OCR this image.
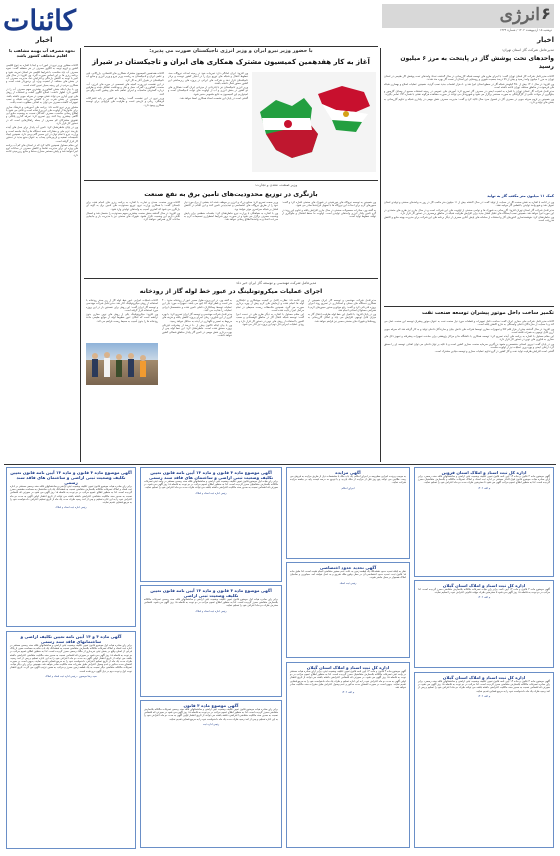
کائنات
اخبار
انرژی ۶
دوشنبه ۱۵ اردیبهشت ۱۴۰۲ / شماره ۱۴۳۴
اخبار
نحوه مصرف آب بهینه مشاهب با اقلیم مختلف کشور باشد

کائنات-مشاور وزیر نیرو در امور آب و آبفا با اشاره به تنوع اقلیمی کشور و لزوم توجه به الگوی مصرف در هر منطقه گفت: نحوه مصرف آب باید متناسب با شرایط اقلیمی هر استان تعریف شود و برنامه ریزی ها بر این اساس صورت گیرد. وی افزود: در سال های اخیر با توجه به کاهش بارندگی و افزایش دما، مدیریت مصرف آب در بخش های مختلف از اهمیت ویژه ای برخوردار شده است و همکاری مردم در این زمینه بسیار تعیین کننده است.

وی با بیان اینکه بخش کشاورزی بیشترین سهم مصرف آب را در کشور دارد اظهار داشت: اصلاح الگوی کشت و استفاده از روش های نوین آبیاری می تواند نقش مهمی در صرفه جویی داشته باشد. همچنین در بخش شرب نیز با کاهش هدررفت شبکه و نصب تجهیزات کاهنده مصرف می توان به اهداف مطلوب دست یافت.

مشاور وزیر نیرو ادامه داد: برنامه های آموزشی و فرهنگ سازی برای خانوارها از اولویت های این وزارتخانه است و تلاش می شود با اطلاع رسانی مناسب، مصرف کنندگان نسبت به وضعیت منابع آبی آگاهی بیشتری پیدا کنند. وی تصریح کرد: تعرفه گذاری پلکانی و تشویق مشترکان کم مصرف از جمله راهکارهایی است که در دستور کار قرار دارد.

وی در پایان خاطرنشان کرد: تامین آب پایدار برای نسل های آینده نیازمند عزم ملی و مشارکت همه دستگاه ها و آحاد جامعه است و وزارت نیرو با تمام توان در این مسیر گام برمی دارد. همچنین ایجاد تاسیسات تصفیه و بازچرخانی پساب به عنوان منبع جدید در دستور کار قرار گرفته است.

این مقام مسئول همچنین تاکید کرد که در استان های کم آب برنامه های ویژه ای برای مدیریت تقاضا و کاهش مصرف در ساعات اوج اجرا خواهد شد و پایش مستمر مخازن سدها و منابع زیرزمینی ادامه دارد.

با حضور وزیر نیرو ایران و وزیر انرژی تاجیکستان صورت می پذیرد:
آغاز به کار هفدهمین کمیسیون مشترک همکاری های ایران و تاجیکستان در شیراز

کائنات-هفدهمین کمیسیون مشترک همکاری های اقتصادی، بازرگانی، فنی و علمی ایران و تاجیکستان به ریاست وزیر نیرو و وزیر انرژی و منابع آب تاجیکستان در شیراز آغاز به کار کرد.

در این نشست دو روزه، کمیته های تخصصی در حوزه های انرژی، آب، صنعت، کشاورزی، گمرک، حمل و نقل و بهداشت تشکیل شده و طرفین درباره گسترش مناسبات و اجرای تفاهم نامه های پیشین گفت وگو می کنند.

وزیر نیرو در این نشست گفت: روابط دو کشور بر پایه اشتراکات فرهنگی، زبانی و تاریخی است و ظرفیت های فراوانی برای توسعه همکاری وجود دارد.

وی افزود: ایران آمادگی دارد تجربیات خود در زمینه احداث نیروگاه، سد، خطوط انتقال و شبکه های توزیع برق را در اختیار کشور دوست و برادر تاجیکستان قرار دهد و شرکت های ایرانی در پروژه های زیرساختی این کشور حضور فعال داشته باشند.

وزیر انرژی تاجیکستان نیز با قدردانی از میزبانی ایران گفت: همکاری های دو کشور در بخش انرژی و آب از اولویت های دولت تاجیکستان است و امیدواریم این کمیسیون به نتایج ملموس منجر شود.

گفتنی است در پایان این نشست اسناد همکاری امضا خواهد شد.

وزیر صنعت، معدن و تجارت:
بازنگری در توزیع محدودیت‌های تامین برق به نفع صنعت

کائنات-وزیر صنعت، معدن و تجارت با اشاره به برنامه ریزی های انجام شده برای تابستان گفت: با همکاری وزارت نیرو، توزیع محدودیت های تامین برق به گونه ای بازنگری می شود که کمترین آسیب به واحدهای تولیدی وارد شود.

وی افزود: در سال گذشته بخش صنعت بیشترین سهم محدودیت را متحمل شد و امسال تلاش داریم این وضعیت تکرار نشود. شهرک های صنعتی نیز با مدیریت بار و جابجایی ساعات کاری همراهی خواهند کرد.

وزیر صمت تصریح کرد: صنایع بزرگ و انرژی بر موظف شده اند بخشی از برق مورد نیاز خود را از طریق نیروگاه های اختصاصی و تجدیدپذیر تامین کنند و این اقدام در کاهش فشار بر شبکه سراسری موثر خواهد بود.

وی با اشاره به هماهنگی با وزارت نیرو خاطرنشان کرد: جلسات منظمی برای پایش وضعیت مصرف برگزار می شود و در صورت بروز شرایط اضطراری تصمیمات لازم به سرعت اتخاذ و به واحدها اطلاع رسانی خواهد شد.

وی همچنین به توسعه نیروگاه های خورشیدی در شهرک های صنعتی اشاره کرد و گفت: مجوزهای لازم برای احداث این نیروگاه ها با تسهیل فرآیندها صادر می شود.

به گفته وی، صادرات محصولات صنعتی در سال جاری افزایش یافته و تداوم این روند در گرو تامین پایدار انرژی واحدهای تولیدی است. اولویت ما حفظ اشتغال و جلوگیری از توقف خطوط تولید است.

مدیرعامل شرکت مهندسی و توسعه گاز ایران خبر داد:
اجرای عملیات میکروتونلینگ در عبور خط لوله گاز از رودخانه

کائنات-عملیات اجرایی عبور خط لوله گاز از زیر بستر رودخانه با استفاده از روش میکروتونلینگ آغاز شد. مدیرعامل شرکت مهندسی و توسعه گاز ایران گفت: این روش برای نخستین بار در این پروژه مورد استفاده قرار گرفته است.

وی افزود: میکروتونلینگ یکی از روش های نوین حفاری بدون ترانشه است که امکان عبور خطوط لوله از موانع طبیعی مانند رودخانه ها را بدون آسیب به محیط زیست فراهم می کند.

به گفته وی، در این پروژه طول مسیر عبور از رودخانه حدود ۴۰۰ متر است و قطر لوله ۵۶ اینچ می باشد. تجهیزات مورد نیاز این عملیات توسط پیمانکاران داخلی تامین شده و متخصصان ایرانی عملیات را هدایت می کنند.

مدیرعامل شرکت مهندسی و توسعه گاز ایران تصریح کرد: با بهره گیری از این فناوری، زمان اجرای پروژه کاهش یافته و هزینه های مربوط به تعمیر و نگهداری در آینده به حداقل خواهد رسید.

وی با بیان اینکه تاکنون بیش از ۸۰ درصد از پیشرفت فیزیکی پروژه محقق شده است، خاطرنشان کرد: این خط لوله پس از بهره برداری نقش مهمی در تامین گاز پایدار مناطق شمالی کشور خواهد داشت.

وی ادامه داد: نظارت کامل بر کیفیت جوشکاری و عایقکاری لوله ها انجام شده و آزمایش های لازم پیش از بهره برداری صورت می گیرد. همچنین ملاحظات زیست محیطی در تمام مراحل اجرا رعایت شده است.

این مقام مسئول با اشاره به دیگر طرح های در دست اجرا گفت: توسعه شبکه انتقال گاز در مناطق کوهستانی و صعب العبور با استفاده از روش های نوین در دستور کار قرار دارد و به زودی عملیات اجرایی فاز دوم این پروژه نیز آغاز می شود.

مدیرعامل شرکت مهندسی و توسعه گاز ایران همچنین از همکاری دستگاه های محلی و استانداری در تسریع روند اجرای پروژه قدردانی کرد و گفت: رفع موانع و صدور مجوزهای لازم با همراهی مسئولان استانی انجام شد.

وی در پایان افزود: با تکمیل این خط لوله ظرفیت انتقال گاز به میزان قابل توجهی افزایش می یابد و امکان گازرسانی به روستاها و شهرک های صنعتی مسیر نیز فراهم خواهد شد.

مدیرعامل شرکت گاز استان تهران:
واحدهای تحت پوشش گاز در پایتخت به مرز ۶ میلیون رسید

کائنات-مدیرعامل شرکت گاز استان تهران گفت: با اجرای طرح های توسعه شبکه گازرسانی در سال گذشته، تعداد واحدهای تحت پوشش گاز طبیعی در استان تهران به مرز ۶ میلیون واحد رسید و بیش از ۹۹ درصد جمعیت شهری و روستایی این استان از نعمت گاز بهره مند شدند.

وی افزود: در سال ۱۴۰۱ بیش از ۴۵۰ کیلومتر شبکه گاز در سطح استان اجرا شد و ۸۰ هزار انشعاب جدید نصب گردید. همچنین عملیات اصلاح و بهسازی شبکه های فرسوده در مناطق مختلف تهران ادامه داشته است.

مدیرعامل شرکت گاز استان تهران با اشاره به اهمیت ایمنی در مصرف گاز تصریح کرد: آموزش های عمومی در زمینه استفاده صحیح از وسایل گازسوز و جلوگیری از حوادث ناشی از گازگرفتگی به صورت مستمر برگزار می شود و شهروندان می توانند در صورت مشاهده هرگونه نشتی با شماره ۱۹۴ تماس بگیرند.

وی همچنین بر لزوم صرفه جویی در مصرف گاز در فصول سرد سال تاکید کرد و گفت: مدیریت مصرف نقش مهمی در پایداری شبکه و تداوم گازرسانی به بخش های تولیدی دارد.

کمک ۱۱ میلیون متر مکعب گاز به تولید

وی در ادامه با اشاره به نقش صنعت گاز در حمایت از تولید گفت: در سال گذشته بیش از ۱۱ میلیون متر مکعب گاز در روز به واحدهای صنعتی و تولیدی استان تحویل شد و هیچ واحد تولیدی با قطعی گاز مواجه نشد.

مدیرعامل شرکت گاز استان تهران افزود: گازرسانی به شهرک ها و نواحی صنعتی از اولویت های این شرکت است و در سال جاری نیز طرح های متعددی در این حوزه اجرا خواهد شد. همچنین نصب ایستگاه های تقلیل فشار جدید برای افزایش ظرفیت شبکه در مناطق پرمصرف در دستور کار قرار دارد.

وی خاطرنشان کرد: هوشمندسازی کنتورهای گاز و استفاده از سامانه های پایش آنلاین مصرف از دیگر برنامه های این شرکت برای مدیریت بهینه منابع و کاهش هدررفت است.

تکمیر ساخت داخل موتور پیشران توسعه صنعت نفت

کائنات-مدیرعامل شرکت ملی حفاری ایران گفت: ساخت داخل تجهیزات و قطعات مورد نیاز صنعت نفت به عنوان موتور پیشران توسعه این صنعت عمل می کند و با حمایت از سازندگان داخلی وابستگی به خارج کاهش یافته است.

وی افزود: در سال گذشته بیش از هزار قلم کالا و تجهیزات حفاری توسط شرکت های دانش بنیان و سازندگان داخلی تولید و به کار گرفته شد که صرفه جویی ارزی قابل توجهی به همراه داشته است.

این مقام مسئول با اشاره به برنامه های آینده تصریح کرد: توسعه همکاری با دانشگاه ها و مراکز پژوهشی برای ساخت تجهیزات پیشرفته و تجهیز دکل های حفاری به فناوری های نوین در دستور کار قرار دارد.

وی در پایان گفت: نیروی انسانی متخصص و متعهد بزرگترین سرمایه صنعت حفاری کشور است و با تکیه بر توان داخلی می توان اهداف توسعه ای را محقق کرد. ارتقای ایمنی و بهره وری عملیات نیز از اولویت هاست.

گفتنی است افزایش ظرفیت تولید نفت و گاز کشور در گرو تداوم عملیات حفاری و توسعه میادین مشترک است.

آگهی موضوع ماده ۳ قانون و ماده ۱۳ آیین نامه قانون تعیین تکلیف وضعیت ثبتی اراضی و ساختمان های فاقد سند رسمی
برابر رای صادره هیات موضوع قانون تعیین تکلیف وضعیت ثبتی اراضی و ساختمانهای فاقد سند رسمی مستقر در اداره ثبت اسناد و املاک تصرفات مالکانه بلامعارض متقاضی نسبت به ششدانگ یک باب ساختمان به مساحت مشخص محرز گردیده است. لذا به منظور اطلاع عموم مراتب در دو نوبت به فاصله ۱۵ روز آگهی می شود در صورتی که اشخاص نسبت به صدور سند مالکیت متقاضی اعتراضی داشته باشند می توانند از تاریخ انتشار اولین آگهی به مدت دو ماه اعتراض خود را به این اداره تسلیم و پس از اخذ رسید ظرف مدت یک ماه از تاریخ تسلیم اعتراض، دادخواست خود را به مرجع قضایی تقدیم نمایند.
رئیس اداره ثبت اسناد و املاک
آگهی موضوع ماده ۳ قانون و ماده ۱۳ آیین نامه قانون تعیین تکلیف وضعیت ثبتی اراضی و ساختمان های فاقد سند رسمی
برابر رای هیات اول موضوع قانون تعیین تکلیف وضعیت ثبتی اراضی و ساختمانهای فاقد سند رسمی مستقر در واحد ثبتی تصرفات مالکانه بلامعارض متقاضیان محرز گردیده است. لذا به منظور اطلاع عموم مراتب در دو نوبت به فاصله ۱۵ روز آگهی می شود. در صورتی که اشخاص نسبت به صدور سند مالکیت اعتراضی داشته باشند می توانند ظرف مدت دو ماه اعتراض خود را تسلیم نمایند.
رئیس اداره ثبت اسناد و املاک
آگهی مزایده
به موجب پرونده اجرایی مطروحه در اجرای احکام، یک باب ملک با مشخصات ذیل از طریق مزایده به فروش می رسد. طالبین می توانند پنج روز قبل از مزایده از ملک بازدید و با تودیع ده درصد قیمت پایه در جلسه مزایده شرکت نمایند.
اجرای احکام
اداره کل ثبت اسناد و املاک استان قزوین
آگهی موضوع ماده ۳ قانون و ماده ۱۳ آیین نامه قانون تعیین تکلیف وضعیت ثبتی اراضی و ساختمانهای فاقد سند رسمی. برابر آرای صادره هیات موضوع قانون فوق الذکر مستقر در اداره ثبت اسناد و املاک تصرفات مالکانه و بلامعارض متقاضیان محرز گردیده است. لذا به منظور اطلاع عموم مراتب آگهی می شود تا معترضین ظرف مدت دو ماه اعتراض خود را تسلیم نمایند.
م الف ۱۴۰۲
آگهی موضوع ماده ۳ قانون و ماده ۱۳ آیین نامه قانون تعیین تکلیف وضعیت ثبتی اراضی
برابر رای صادره هیات اول موضوع قانون تعیین تکلیف وضعیت ثبتی اراضی و ساختمانهای فاقد سند رسمی تصرفات مالکانه بلامعارض متقاضی محرز گردیده است. لذا به منظور اطلاع عموم مراتب در دو نوبت به فاصله ۱۵ روز آگهی می شود. اشخاص معترض ظرف دو ماه اعتراض خود را تسلیم نمایند.
رئیس اداره ثبت اسناد و املاک
آگهی تحدید حدود اختصاصی
نظر به اینکه تحدید حدود ششدانگ یک قطعه زمین به علت عدم حضور متقاضی انجام نشده است، لذا طبق ماده ۱۵ قانون ثبت، تحدید حدود اختصاصی آن در محل وقوع ملک شروع و به عمل خواهد آمد. مجاورین و صاحبان املاک همجوار در محل حاضر شوند.
رئیس ثبت اسناد	اداره کل ثبت اسناد و املاک استان گیلان
آگهی موضوع ماده ۳ قانون و ماده ۱۳ آیین نامه. برابر رای هیات تصرفات مالکانه بلامعارض متقاضی محرز گردیده است. لذا مراتب در دو نوبت به فاصله ۱۵ روز آگهی می شود تا معترضین ظرف مهلت قانونی اعتراض خود را تسلیم نمایند.
م الف ۱۴۰۲
آگهی ماده ۳ و ۱۳ آیین نامه تعیین تکلیف اراضی و ساختمانهای فاقد سند رسمی
برابر رای صادره هیات اول موضوع قانون تعیین تکلیف وضعیت ثبتی اراضی و ساختمانهای فاقد سند رسمی مستقر در اداره ثبت اسناد و املاک تصرفات مالکانه بلامعارض متقاضی نسبت به ششدانگ یک باب خانه به مساحت معین از پلاک فرعی از اصلی واقع در بخش ثبتی خریداری از مالک رسمی محرز گردیده است. لذا به منظور اطلاع عموم مراتب در دو نوبت به فاصله ۱۵ روز آگهی می شود در صورتی که اشخاص نسبت به صدور سند مالکیت متقاضی اعتراضی داشته باشند می توانند از تاریخ انتشار اولین آگهی به مدت دو ماه اعتراض خود را به این اداره تسلیم و پس از اخذ رسید، ظرف مدت یک ماه از تاریخ تسلیم اعتراض، دادخواست خود را به مرجع قضایی تقدیم نمایند. بدیهی است در صورت انقضای مدت مذکور و عدم وصول اعتراض طبق مقررات سند مالکیت صادر خواهد شد. همچنین برابر رای دیگر هیات، تصرفات مالکانه متقاضی دیگر نسبت به یک قطعه زمین محرز و مراتب به همین ترتیب آگهی می گردد. تاریخ انتشار نوبت اول و نوبت دوم در ذیل آگهی درج شده است.
سید رضا موسوی - رئیس اداره ثبت اسناد و املاک
آگهی موضوع ماده ۳ قانون
برابر رای صادره هیات موضوع قانون تعیین تکلیف وضعیت ثبتی اراضی و ساختمانهای فاقد سند رسمی تصرفات مالکانه بلامعارض متقاضی محرز گردیده است. لذا به منظور اطلاع عموم مراتب در دو نوبت به فاصله ۱۵ روز آگهی می شود در صورتی که اشخاص نسبت به صدور سند مالکیت متقاضی اعتراضی داشته باشند می توانند از تاریخ انتشار اولین آگهی به مدت دو ماه اعتراض خود را به این اداره تسلیم و پس از اخذ رسید ظرف مدت یک ماه دادخواست خود را به مرجع قضایی تقدیم نمایند.
رئیس اداره ثبت
اداره کل ثبت اسناد و املاک استان گیلان
آگهی موضوع ماده ۳ قانون و ماده ۱۳ آیین نامه قانون تعیین تکلیف وضعیت ثبتی. برابر آرای صادره هیات مستقر در واحد ثبتی تصرفات مالکانه بلامعارض متقاضیان محرز گردیده است. لذا به منظور اطلاع عموم مراتب در دو نوبت به فاصله ۱۵ روز آگهی می شود. در صورتی که اشخاص اعتراضی داشته باشند می توانند از تاریخ انتشار اولین آگهی به مدت دو ماه اعتراض خود را به این اداره تسلیم و ظرف یک ماه دادخواست خود را به مرجع قضایی تقدیم نمایند. بدیهی است در صورت انقضای مدت مذکور و عدم وصول اعتراض طبق مقررات سند مالکیت صادر خواهد شد.
م الف ۱۴۰۲
اداره کل ثبت اسناد و املاک استان گیلان
آگهی موضوع ماده ۳ قانون و ماده ۱۳ آیین نامه قانون تعیین تکلیف وضعیت ثبتی اراضی و ساختمانهای فاقد سند رسمی. برابر رای صادره تصرفات مالکانه بلامعارض متقاضی محرز گردیده است. لذا مراتب در دو نوبت به فاصله ۱۵ روز آگهی می شود در صورتی که اشخاص نسبت به صدور سند مالکیت اعتراضی داشته باشند می توانند ظرف دو ماه اعتراض خود را تسلیم و پس از اخذ رسید ظرف یک ماه دادخواست خود را به مرجع قضایی تقدیم نمایند.
م الف ۱۴۰۲
